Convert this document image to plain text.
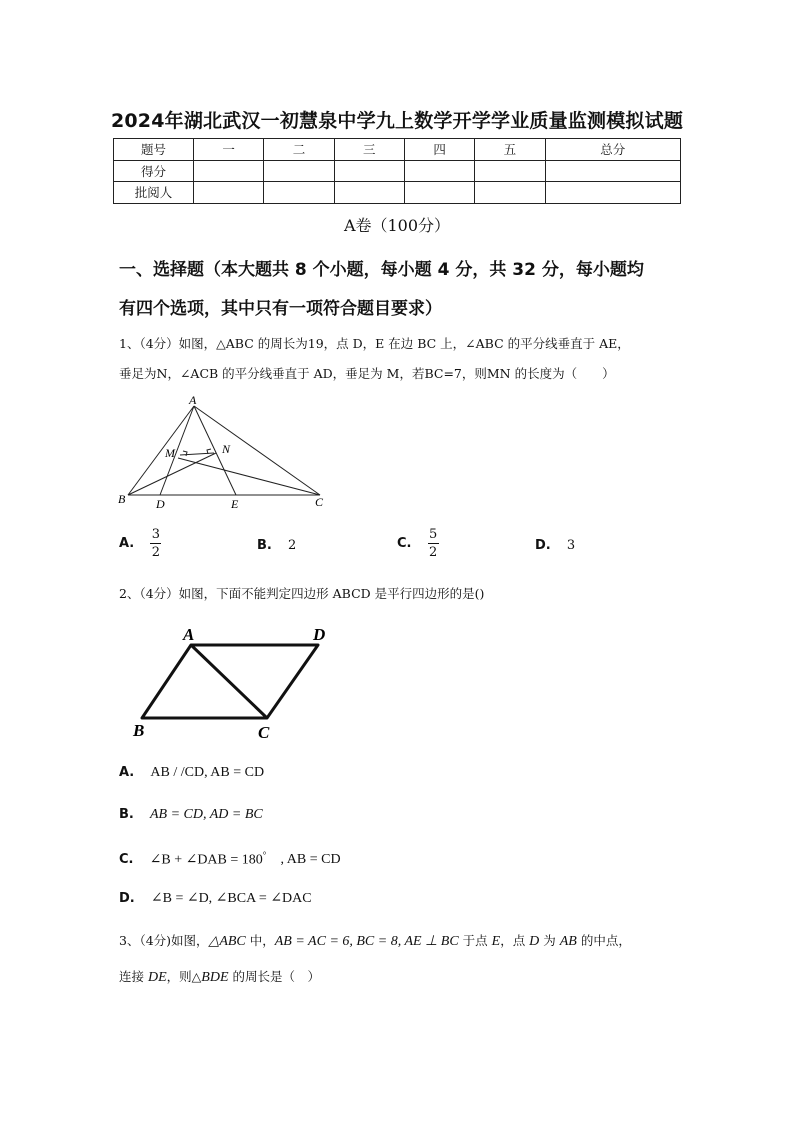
2024年湖北武汉一初慧泉中学九上数学开学学业质量监测模拟试题
题号	一	二	三	四	五	总分
得分						
批阅人						
A卷（100分）
一、选择题（本大题共 8 个小题，每小题 4 分，共 32 分，每小题均
有四个选项，其中只有一项符合题目要求）
1、（4分）如图，△ABC 的周长为19，点 D，E 在边 BC 上，∠ABC 的平分线垂直于 AE，
垂足为N，∠ACB 的平分线垂直于 AD，垂足为 M，若BC=7，则MN 的长度为（　　）
A
B	C
D	E
M	N
A. $\frac{3}{2}$	B. 2	C. $\frac{5}{2}$	D. 3
2、（4分）如图，下面不能判定四边形 ABCD 是平行四边形的是()
A	D
B	C
A. AB / /CD, AB = CD
B. AB = CD, AD = BC
C. ∠B + ∠DAB = 180° , AB = CD
D. ∠B = ∠D, ∠BCA = ∠DAC
3、（4分)如图，△ABC 中，AB = AC = 6, BC = 8, AE ⊥ BC 于点 E，点 D 为 AB 的中点，
连接 DE，则△BDE 的周长是（　）
